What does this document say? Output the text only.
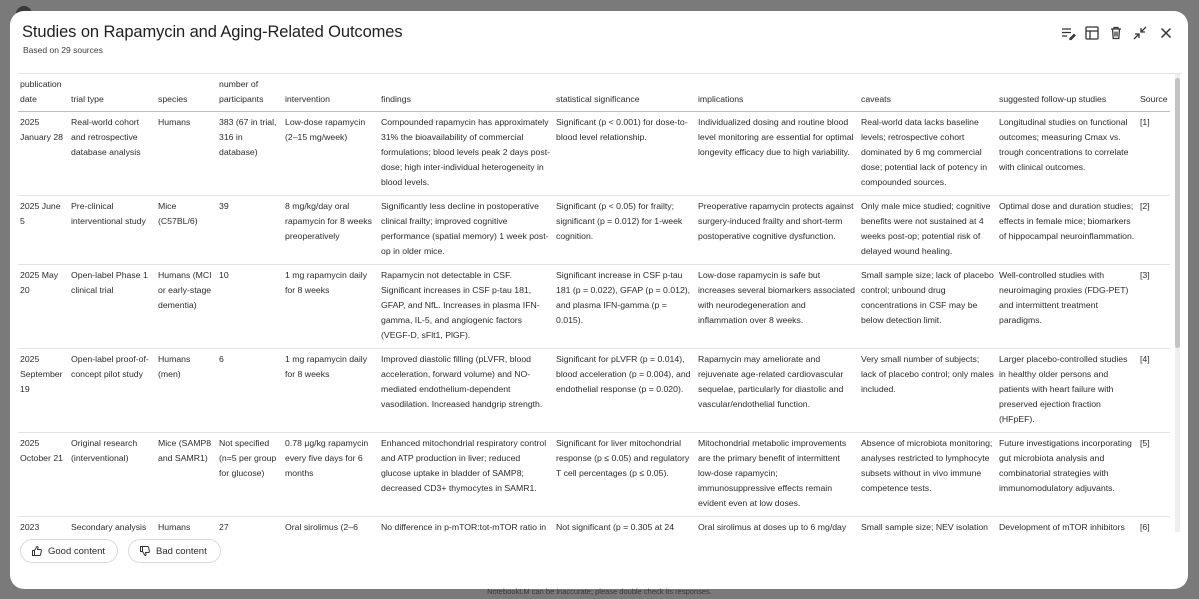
Studies on Rapamycin and Aging-Related Outcomes
Based on 29 sources
publication date	trial type	species	number of participants	intervention	findings	statistical significance	implications	caveats	suggested follow-up studies	Source
2025 January 28	Real-world cohort and retrospective database analysis	Humans	383 (67 in trial, 316 in database)	Low-dose rapamycin (2–15 mg/week)	Compounded rapamycin has approximately 31% the bioavailability of commercial formulations; blood levels peak 2 days post-dose; high inter-individual heterogeneity in blood levels.	Significant (p < 0.001) for dose-to-blood level relationship.	Individualized dosing and routine blood level monitoring are essential for optimal longevity efficacy due to high variability.	Real-world data lacks baseline levels; retrospective cohort dominated by 6 mg commercial dose; potential lack of potency in compounded sources.	Longitudinal studies on functional outcomes; measuring Cmax vs. trough concentrations to correlate with clinical outcomes.	[1]
2025 June 5	Pre-clinical interventional study	Mice (C57BL/6)	39	8 mg/kg/day oral rapamycin for 8 weeks preoperatively	Significantly less decline in postoperative clinical frailty; improved cognitive performance (spatial memory) 1 week post-op in older mice.	Significant (p < 0.05) for frailty; significant (p = 0.012) for 1-week cognition.	Preoperative rapamycin protects against surgery-induced frailty and short-term postoperative cognitive dysfunction.	Only male mice studied; cognitive benefits were not sustained at 4 weeks post-op; potential risk of delayed wound healing.	Optimal dose and duration studies; effects in female mice; biomarkers of hippocampal neuroinflammation.	[2]
2025 May 20	Open-label Phase 1 clinical trial	Humans (MCI or early-stage dementia)	10	1 mg rapamycin daily for 8 weeks	Rapamycin not detectable in CSF. Significant increases in CSF p-tau 181, GFAP, and NfL. Increases in plasma IFN-gamma, IL-5, and angiogenic factors (VEGF-D, sFlt1, PlGF).	Significant increase in CSF p-tau 181 (p = 0.022), GFAP (p = 0.012), and plasma IFN-gamma (p = 0.015).	Low-dose rapamycin is safe but increases several biomarkers associated with neurodegeneration and inflammation over 8 weeks.	Small sample size; lack of placebo control; unbound drug concentrations in CSF may be below detection limit.	Well-controlled studies with neuroimaging proxies (FDG-PET) and intermittent treatment paradigms.	[3]
2025 September 19	Open-label proof-of-concept pilot study	Humans (men)	6	1 mg rapamycin daily for 8 weeks	Improved diastolic filling (pLVFR, blood acceleration, forward volume) and NO-mediated endothelium-dependent vasodilation. Increased handgrip strength.	Significant for pLVFR (p = 0.014), blood acceleration (p = 0.004), and endothelial response (p = 0.020).	Rapamycin may ameliorate and rejuvenate age-related cardiovascular sequelae, particularly for diastolic and vascular/endothelial function.	Very small number of subjects; lack of placebo control; only males included.	Larger placebo-controlled studies in healthy older persons and patients with heart failure with preserved ejection fraction (HFpEF).	[4]
2025 October 21	Original research (interventional)	Mice (SAMP8 and SAMR1)	Not specified (n=5 per group for glucose)	0.78 μg/kg rapamycin every five days for 6 months	Enhanced mitochondrial respiratory control and ATP production in liver; reduced glucose uptake in bladder of SAMP8; decreased CD3+ thymocytes in SAMR1.	Significant for liver mitochondrial response (p ≤ 0.05) and regulatory T cell percentages (p ≤ 0.05).	Mitochondrial metabolic improvements are the primary benefit of intermittent low-dose rapamycin; immunosuppressive effects remain evident even at low doses.	Absence of microbiota monitoring; analyses restricted to lymphocyte subsets without in vivo immune competence tests.	Future investigations incorporating gut microbiota analysis and combinatorial strategies with immunomodulatory adjuvants.	[5]
2023	Secondary analysis	Humans	27	Oral sirolimus (2–6	No difference in p-mTOR:tot-mTOR ratio in	Not significant (p = 0.305 at 24	Oral sirolimus at doses up to 6 mg/day	Small sample size; NEV isolation	Development of mTOR inhibitors	[6]
Good content	Bad content
NotebookLM can be inaccurate; please double check its responses.
